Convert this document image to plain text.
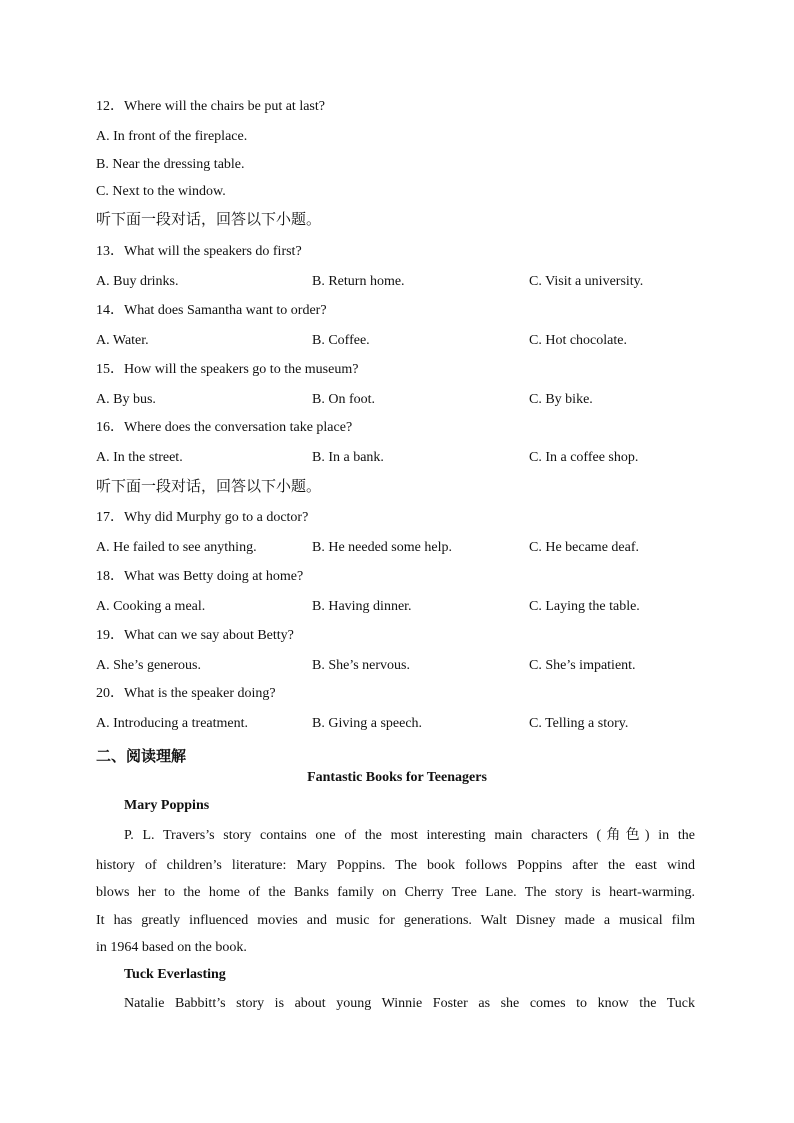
12．Where will the chairs be put at last?
A. In front of the fireplace.
B. Near the dressing table.
C. Next to the window.
听下面一段对话，回答以下小题。
13．What will the speakers do first?
A. Buy drinks.	B. Return home.	C. Visit a university.
14．What does Samantha want to order?
A. Water.	B. Coffee.	C. Hot chocolate.
15．How will the speakers go to the museum?
A. By bus.	B. On foot.	C. By bike.
16．Where does the conversation take place?
A. In the street.	B. In a bank.	C. In a coffee shop.
听下面一段对话，回答以下小题。
17．Why did Murphy go to a doctor?
A. He failed to see anything.	B. He needed some help.	C. He became deaf.
18．What was Betty doing at home?
A. Cooking a meal.	B. Having dinner.	C. Laying the table.
19．What can we say about Betty?
A. She’s generous.	B. She’s nervous.	C. She’s impatient.
20．What is the speaker doing?
A. Introducing a treatment.	B. Giving a speech.	C. Telling a story.
二、阅读理解
Fantastic Books for Teenagers
Mary Poppins
P. L. Travers’s story contains one of the most interesting main characters (角色) in the
history of children’s literature: Mary Poppins. The book follows Poppins after the east wind
blows her to the home of the Banks family on Cherry Tree Lane. The story is heart-warming.
It has greatly influenced movies and music for generations. Walt Disney made a musical film
in 1964 based on the book.
Tuck Everlasting
Natalie Babbitt’s story is about young Winnie Foster as she comes to know the Tuck
